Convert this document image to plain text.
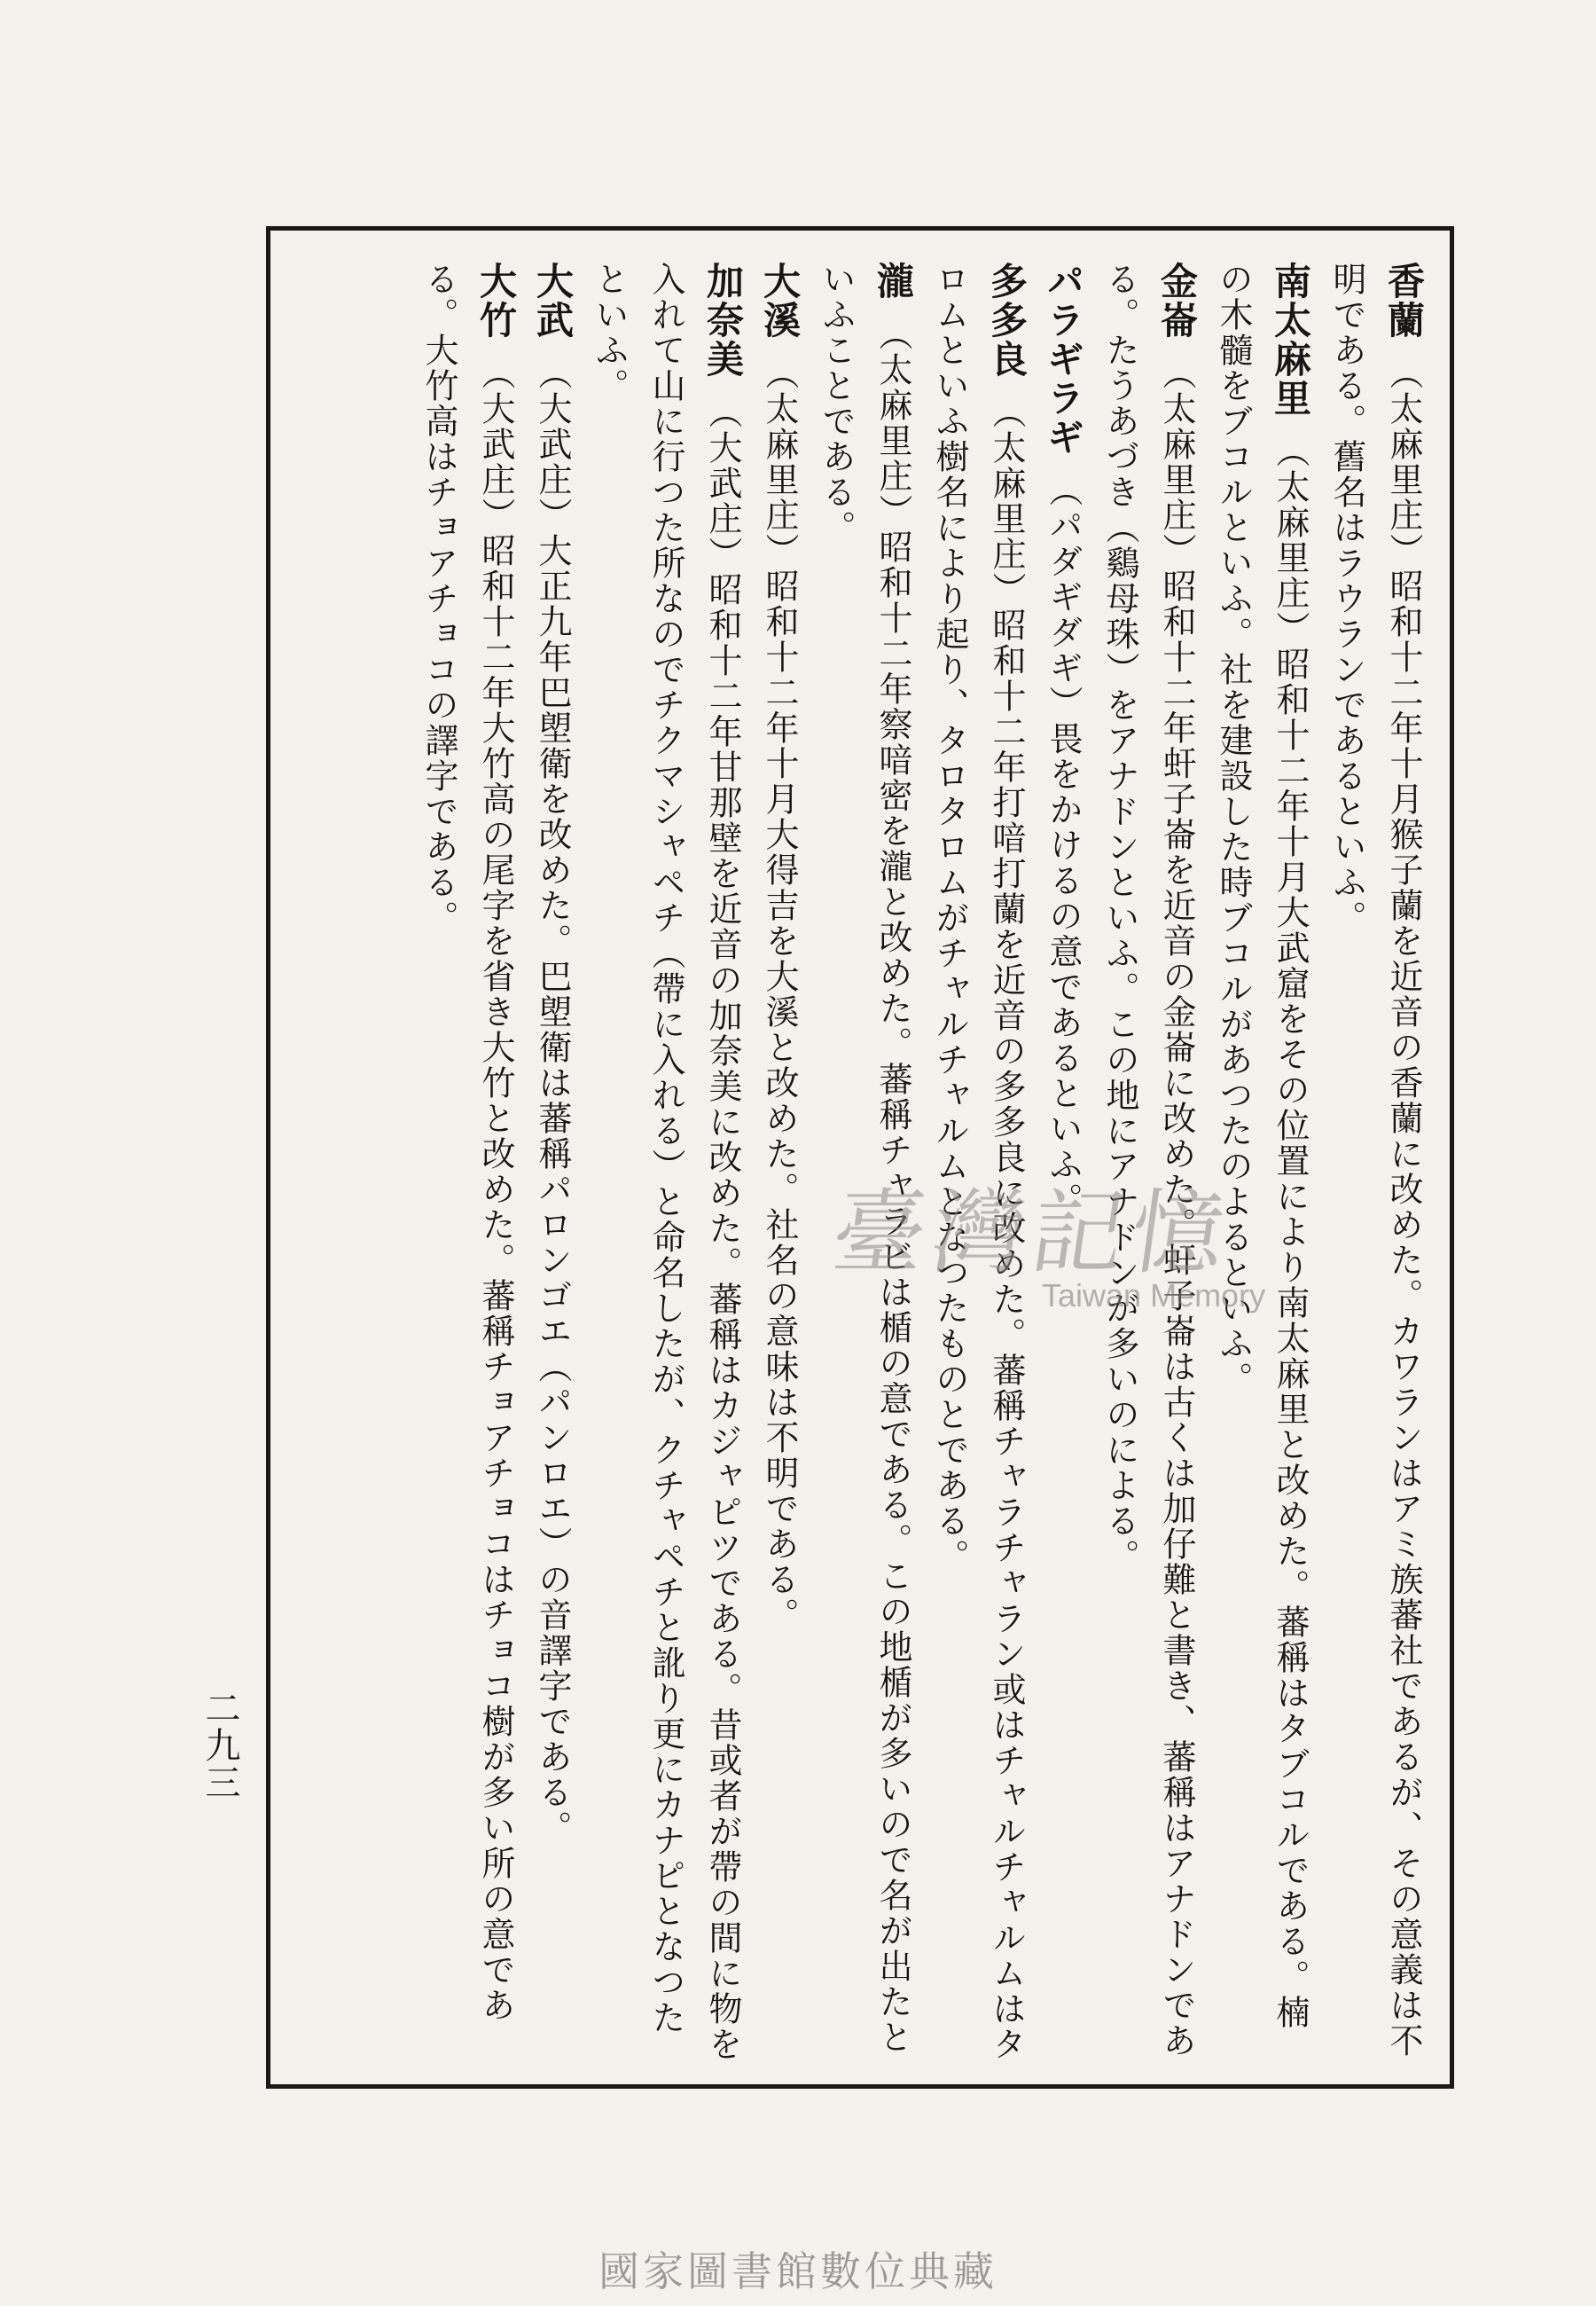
香蘭（太麻里庄）昭和十二年十月猴子蘭を近音の香蘭に改めた。カワランはアミ族蕃社であるが、その意義は不明である。舊名はラウランであるといふ。
南太麻里（太麻里庄）昭和十二年十月大武窟をその位置により南太麻里と改めた。蕃稱はタブコルである。楠の木髓をブコルといふ。社を建設した時ブコルがあつたのよるといふ。
金崙（太麻里庄）昭和十二年虷子崙を近音の金崙に改めた。虷子崙は古くは加仔難と書き、蕃稱はアナドンである。たうあづき（鷄母珠）をアナドンといふ。この地にアナドンが多いのによる。
パラギラギ（パダギダギ）畏をかけるの意であるといふ。
多多良（太麻里庄）昭和十二年打喑打蘭を近音の多多良に改めた。蕃稱チャラチャラン或はチャルチャルムはタロムといふ樹名により起り、タロタロムがチャルチャルムとなつたものとである。
瀧（太麻里庄）昭和十二年察喑密を瀧と改めた。蕃稱チャラビは楯の意である。この地楯が多いので名が出たといふことである。
大溪（太麻里庄）昭和十二年十月大得吉を大溪と改めた。社名の意味は不明である。
加奈美（大武庄）昭和十二年甘那壁を近音の加奈美に改めた。蕃稱はカジャピツである。昔或者が帶の間に物を入れて山に行つた所なのでチクマシャペチ（帶に入れる）と命名したが、クチャペチと訛り更にカナピとなつたといふ。
大武（大武庄）大正九年巴塱衛を改めた。巴塱衛は蕃稱パロンゴエ（パンロエ）の音譯字である。
大竹（大武庄）昭和十二年大竹高の尾字を省き大竹と改めた。蕃稱チョアチョコはチョコ樹が多い所の意である。大竹高はチョアチョコの譯字である。
二九三
臺灣記憶
Taiwan Memory
國家圖書館數位典藏
